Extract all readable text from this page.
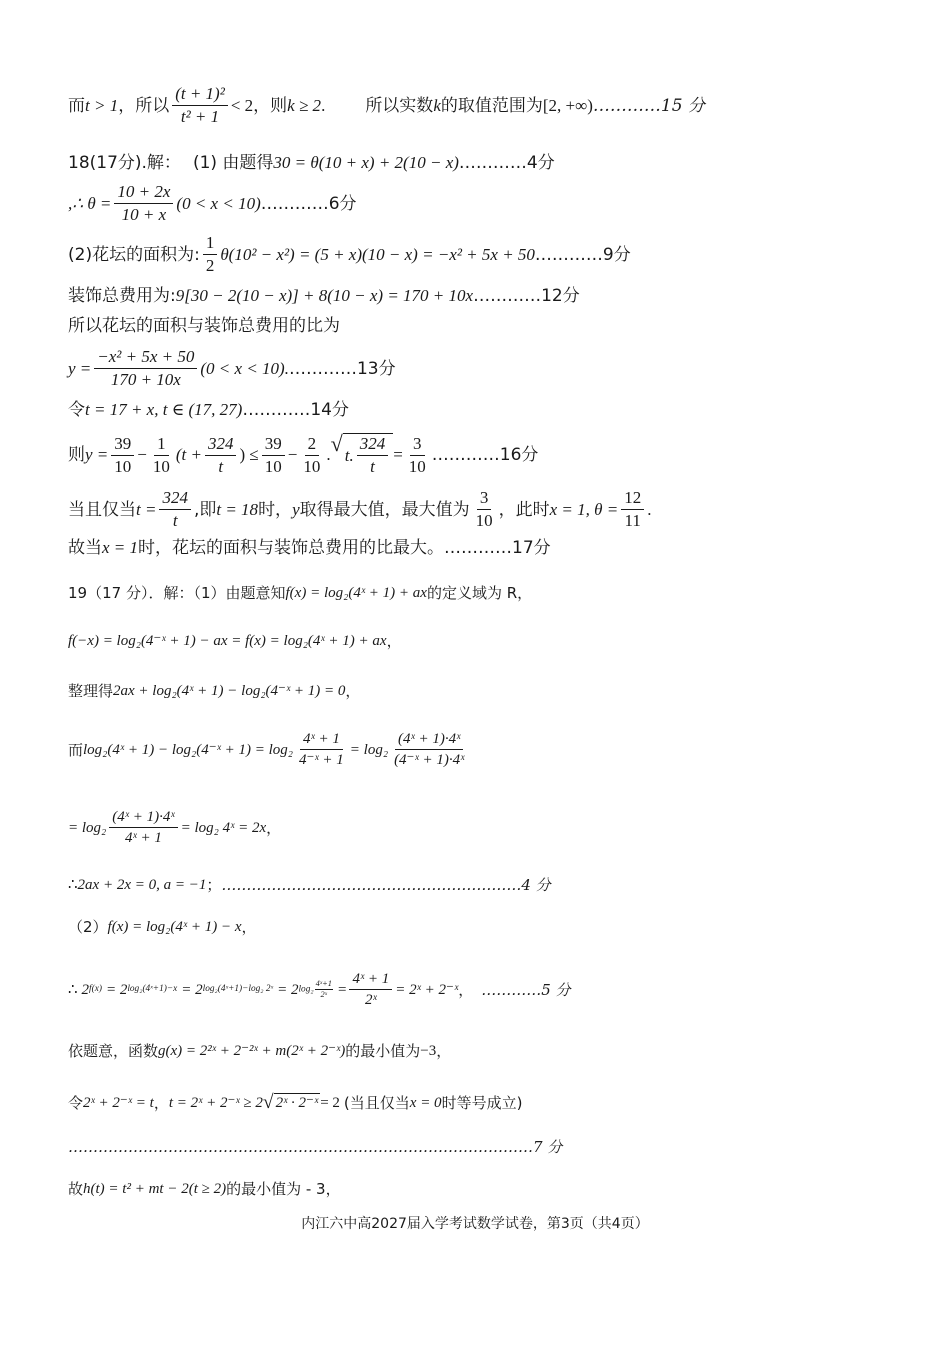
而 t > 1 ，所以 $\frac{\text{(t + 1)²}}{\text{t² + 1}} < 2$ ，则 k ≥ 2 . 所以实数 k 的取值范围为 [2, +∞) …………15 分
18(17分).解： (1) 由题得 30 = θ(10 + x) + 2(10 − x) …………4分
,∴ $\theta = \frac{10 + 2x}{10 + x} (0 < x < 10)$ …………6分
(2)花坛的面积为: $\frac{1}{2} \theta(10^2 - x^2) = (5 + x)(10 - x) = -x^2 + 5x + 50$ …………9分
装饰总费用为: 9[30 − 2(10 − x)] + 8(10 − x) = 170 + 10x …………12分
所以花坛的面积与装饰总费用的比为
$y = \frac{\text{−x² + 5x + 50}}{170 + 10x} (0 < x < 10)$. …………13分
令 t = 17 + x, t ∈ (17, 27) …………14分
则 $y = \frac{39}{10} - \frac{1}{10} (t + \frac{324}{t}$ ) ≤ $\frac{39}{10} - \frac{2}{10}$ . √ t. $\frac{324}{t} = \frac{3}{10}$ …………16分
当且仅当 $t = \frac{324}{t}$ ,即 t = 18 时， y 取得最大值，最大值为 $\frac{3}{10}$ ，此时 x = 1, $\theta = \frac{12}{11}$ .
故当 x = 1 时，花坛的面积与装饰总费用的比最大。 …………17分
19（17 分）．解：（1）由题意知 f(x) = log₂(4ˣ + 1) + ax 的定义域为 R，
f(−x) = log₂(4⁻ˣ + 1) − ax = f(x) = log₂(4ˣ + 1) + ax ，
整理得 2ax + log₂(4ˣ + 1) − log₂(4⁻ˣ + 1) = 0 ，
而 log₂(4ˣ + 1) − log₂(4⁻ˣ + $1) = \log_2 \frac{\text{4ˣ + 1}}{\text{4⁻ˣ + 1}} = \log_2 \frac{\text{(4ˣ + 1)·4ˣ}}{\text{(4⁻ˣ + 1)·4ˣ}}$
= $\log_2 \frac{\text{(4ˣ + 1)·4ˣ}}{\text{4ˣ + 1}} = \log_2$ 4ˣ = 2x ，
∴ 2ax + 2x = 0, a = −1 ； ……………………………………………………4 分
（2） f(x) = log₂(4ˣ + 1) − x ，
∴ 2 f(x) = 2 log₂(4ˣ+1)−x = 2 log₂(4ˣ+1)−log₂ 2ˣ = 2 $\log_2 \frac{\text{4ˣ+1}}{\text{2ˣ}} = \frac{\text{4ˣ + 1}}{\text{2ˣ}}$ = 2ˣ + 2⁻ˣ ， …………5 分
依题意，函数 g(x) = 2²ˣ + 2⁻²ˣ + m(2ˣ + 2⁻ˣ) 的最小值为 −3 ，
令 2ˣ + 2⁻ˣ = t ， t = 2ˣ + 2⁻ˣ ≥ 2 √ 2ˣ · 2⁻ˣ = 2 (当且仅当 x = 0 时等号成立)
…………………………………………………………………………………7 分
故 h(t) = t² + mt − 2(t ≥ 2) 的最小值为 - 3，
内江六中高2027届入学考试数学试卷，第3页（共4页）
